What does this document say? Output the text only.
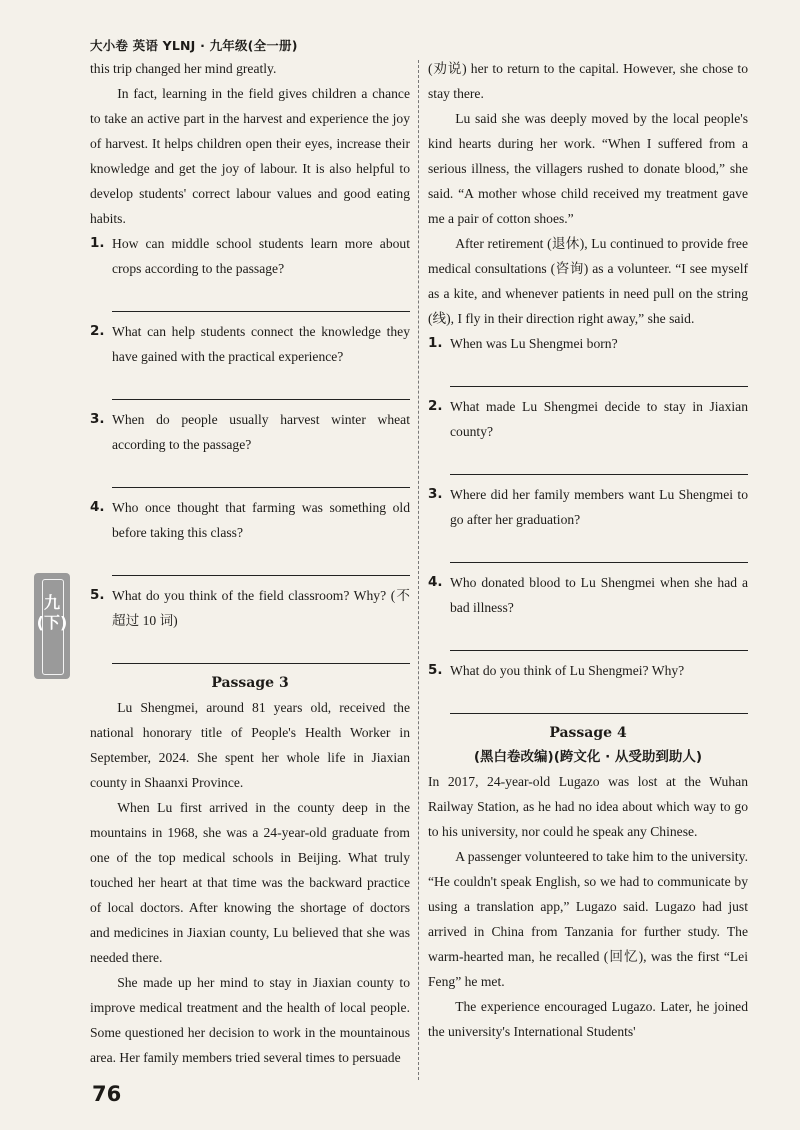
大小卷 英语 YLNJ · 九年级(全一册)
九(下)

this trip changed her mind greatly.

In fact, learning in the field gives children a chance to take an active part in the harvest and experience the joy of harvest. It helps children open their eyes, increase their knowledge and get the joy of labour. It is also helpful to develop students' correct labour values and good eating habits.

1. How can middle school students learn more about crops according to the passage?
2. What can help students connect the knowledge they have gained with the practical experience?
3. When do people usually harvest winter wheat according to the passage?
4. Who once thought that farming was something old before taking this class?
5. What do you think of the field classroom? Why? (不超过 10 词)
Passage 3

Lu Shengmei, around 81 years old, received the national honorary title of People's Health Worker in September, 2024. She spent her whole life in Jiaxian county in Shaanxi Province.

When Lu first arrived in the county deep in the mountains in 1968, she was a 24-year-old graduate from one of the top medical schools in Beijing. What truly touched her heart at that time was the backward practice of local doctors. After knowing the shortage of doctors and medicines in Jiaxian county, Lu believed that she was needed there.

She made up her mind to stay in Jiaxian county to improve medical treatment and the health of local people. Some questioned her decision to work in the mountainous area. Her family members tried several times to persuade

(劝说) her to return to the capital. However, she chose to stay there.

Lu said she was deeply moved by the local people's kind hearts during her work. “When I suffered from a serious illness, the villagers rushed to donate blood,” she said. “A mother whose child received my treatment gave me a pair of cotton shoes.”

After retirement (退休), Lu continued to provide free medical consultations (咨询) as a volunteer. “I see myself as a kite, and whenever patients in need pull on the string (线), I fly in their direction right away,” she said.

1. When was Lu Shengmei born?
2. What made Lu Shengmei decide to stay in Jiaxian county?
3. Where did her family members want Lu Shengmei to go after her graduation?
4. Who donated blood to Lu Shengmei when she had a bad illness?
5. What do you think of Lu Shengmei? Why?
Passage 4
(黑白卷改编)(跨文化 · 从受助到助人)

In 2017, 24-year-old Lugazo was lost at the Wuhan Railway Station, as he had no idea about which way to go to his university, nor could he speak any Chinese.

A passenger volunteered to take him to the university. “He couldn't speak English, so we had to communicate by using a translation app,” Lugazo said. Lugazo had just arrived in China from Tanzania for further study. The warm-hearted man, he recalled (回忆), was the first “Lei Feng” he met.

The experience encouraged Lugazo. Later, he joined the university's International Students'

76
